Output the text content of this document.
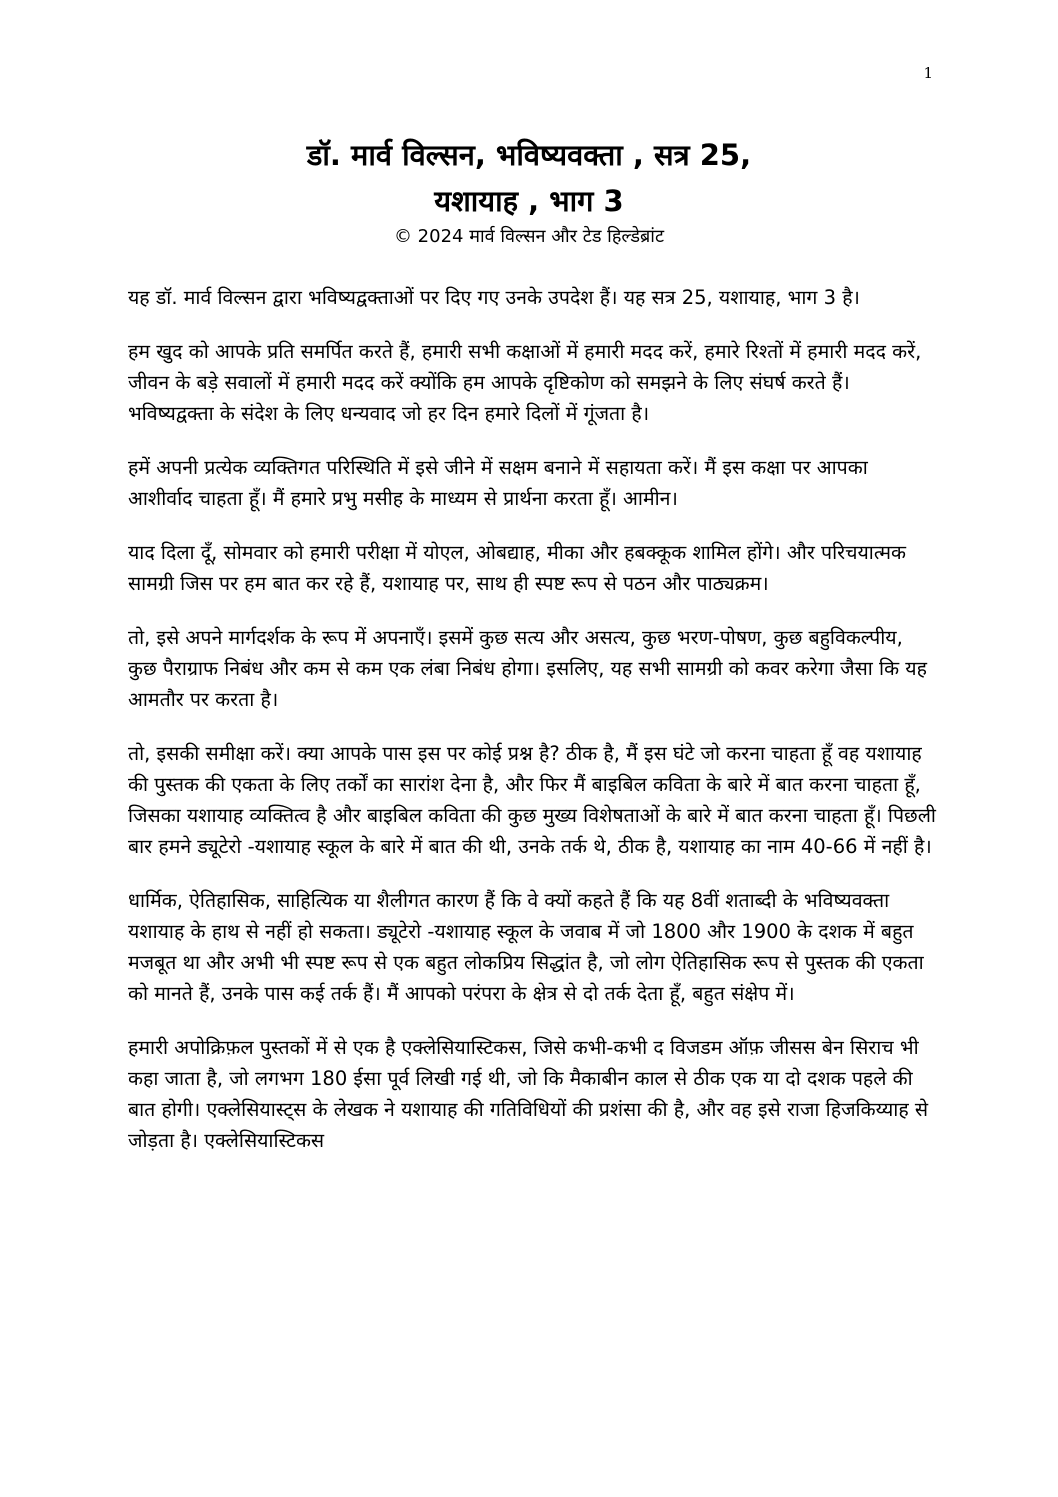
1
डॉ. मार्व विल्सन, भविष्यवक्ता , सत्र 25,
यशायाह , भाग 3
© 2024 मार्व विल्सन और टेड हिल्डेब्रांट

यह डॉ. मार्व विल्सन द्वारा भविष्यद्वक्ताओं पर दिए गए उनके उपदेश हैं। यह सत्र 25, यशायाह, भाग 3 है।

हम खुद को आपके प्रति समर्पित करते हैं, हमारी सभी कक्षाओं में हमारी मदद करें, हमारे रिश्तों में हमारी मदद करें, जीवन के बड़े सवालों में हमारी मदद करें क्योंकि हम आपके दृष्टिकोण को समझने के लिए संघर्ष करते हैं। भविष्यद्वक्ता के संदेश के लिए धन्यवाद जो हर दिन हमारे दिलों में गूंजता है।

हमें अपनी प्रत्येक व्यक्तिगत परिस्थिति में इसे जीने में सक्षम बनाने में सहायता करें। मैं इस कक्षा पर आपका आशीर्वाद चाहता हूँ। मैं हमारे प्रभु मसीह के माध्यम से प्रार्थना करता हूँ। आमीन।

याद दिला दूँ, सोमवार को हमारी परीक्षा में योएल, ओबद्याह, मीका और हबक्कूक शामिल होंगे। और परिचयात्मक सामग्री जिस पर हम बात कर रहे हैं, यशायाह पर, साथ ही स्पष्ट रूप से पठन और पाठ्यक्रम।

तो, इसे अपने मार्गदर्शक के रूप में अपनाएँ। इसमें कुछ सत्य और असत्य, कुछ भरण-पोषण, कुछ बहुविकल्पीय, कुछ पैराग्राफ निबंध और कम से कम एक लंबा निबंध होगा। इसलिए, यह सभी सामग्री को कवर करेगा जैसा कि यह आमतौर पर करता है।

तो, इसकी समीक्षा करें। क्या आपके पास इस पर कोई प्रश्न है? ठीक है, मैं इस घंटे जो करना चाहता हूँ वह यशायाह की पुस्तक की एकता के लिए तर्कों का सारांश देना है, और फिर मैं बाइबिल कविता के बारे में बात करना चाहता हूँ, जिसका यशायाह व्यक्तित्व है और बाइबिल कविता की कुछ मुख्य विशेषताओं के बारे में बात करना चाहता हूँ। पिछली बार हमने ड्यूटेरो -यशायाह स्कूल के बारे में बात की थी, उनके तर्क थे, ठीक है, यशायाह का नाम 40-66 में नहीं है।

धार्मिक, ऐतिहासिक, साहित्यिक या शैलीगत कारण हैं कि वे क्यों कहते हैं कि यह 8वीं शताब्दी के भविष्यवक्ता यशायाह के हाथ से नहीं हो सकता। ड्यूटेरो -यशायाह स्कूल के जवाब में जो 1800 और 1900 के दशक में बहुत मजबूत था और अभी भी स्पष्ट रूप से एक बहुत लोकप्रिय सिद्धांत है, जो लोग ऐतिहासिक रूप से पुस्तक की एकता को मानते हैं, उनके पास कई तर्क हैं। मैं आपको परंपरा के क्षेत्र से दो तर्क देता हूँ, बहुत संक्षेप में।

हमारी अपोक्रिफ़ल पुस्तकों में से एक है एक्लेसियास्टिकस, जिसे कभी-कभी द विजडम ऑफ़ जीसस बेन सिराच भी कहा जाता है, जो लगभग 180 ईसा पूर्व लिखी गई थी, जो कि मैकाबीन काल से ठीक एक या दो दशक पहले की बात होगी। एक्लेसियास्ट्स के लेखक ने यशायाह की गतिविधियों की प्रशंसा की है, और वह इसे राजा हिजकिय्याह से जोड़ता है। एक्लेसियास्टिकस
